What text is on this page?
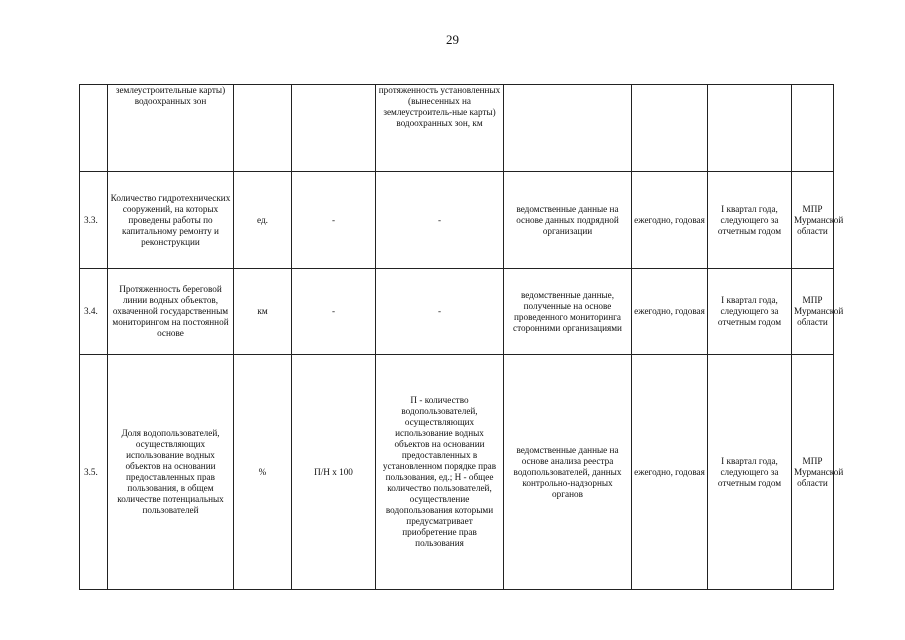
29
	землеустроительные карты) водоохранных зон			протяженность установленных (вынесенных на землеустроитель-ные карты) водоохранных зон, км				
3.3.	Количество гидротехнических сооружений, на которых проведены работы по капитальному ремонту и реконструкции	ед.	-	-	ведомственные данные на основе данных подрядной организации	ежегодно, годовая	I квартал года, следующего за отчетным годом	МПР Мурманской области
3.4.	Протяженность береговой линии водных объектов, охваченной государственным мониторингом на постоянной основе	км	-	-	ведомственные данные, полученные на основе проведенного мониторинга сторонними организациями	ежегодно, годовая	I квартал года, следующего за отчетным годом	МПР Мурманской области
3.5.	Доля водопользователей, осуществляющих использование водных объектов на основании предоставленных прав пользования, в общем количестве потенциальных пользователей	%	П/Н х 100	П - количество водопользователей, осуществляющих использование водных объектов на основании предоставленных в установленном порядке прав пользования, ед.; Н - общее количество пользователей, осуществление водопользования которыми предусматривает приобретение прав пользования	ведомственные данные на основе анализа реестра водопользователей, данных контрольно-надзорных органов	ежегодно, годовая	I квартал года, следующего за отчетным годом	МПР Мурманской области
